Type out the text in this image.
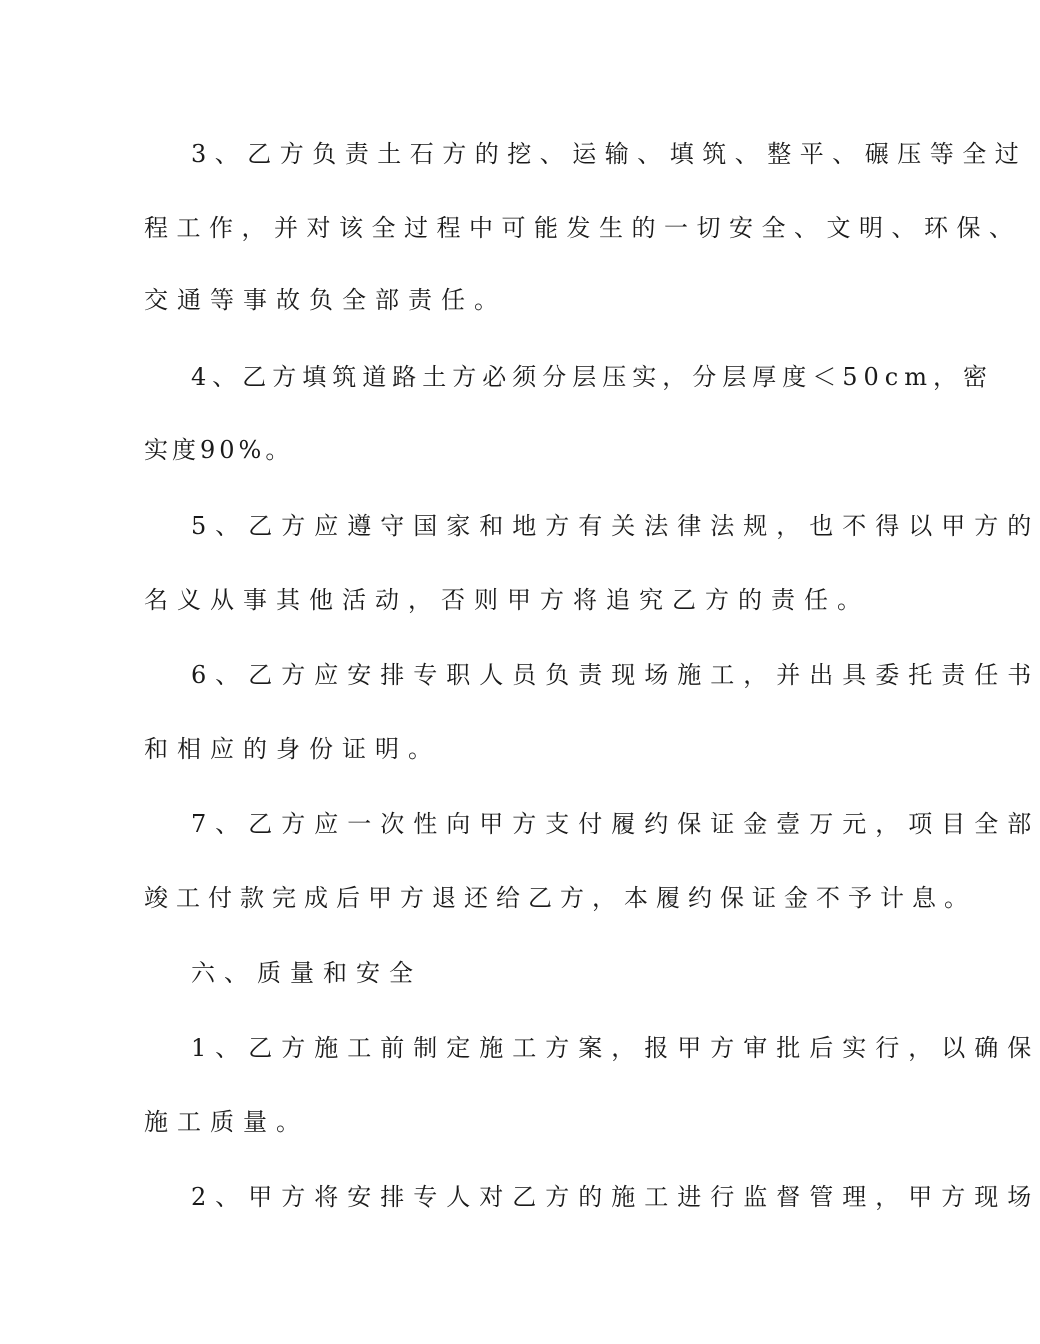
3、乙方负责土石方的挖、运输、填筑、整平、碾压等全过
程工作，并对该全过程中可能发生的一切安全、文明、环保、
交通等事故负全部责任。
4、乙方填筑道路土方必须分层压实，分层厚度＜50cm，密
实度90%。
5、乙方应遵守国家和地方有关法律法规，也不得以甲方的
名义从事其他活动，否则甲方将追究乙方的责任。
6、乙方应安排专职人员负责现场施工，并出具委托责任书
和相应的身份证明。
7、乙方应一次性向甲方支付履约保证金壹万元，项目全部
竣工付款完成后甲方退还给乙方，本履约保证金不予计息。
六、质量和安全
1、乙方施工前制定施工方案，报甲方审批后实行，以确保
施工质量。
2、甲方将安排专人对乙方的施工进行监督管理，甲方现场
